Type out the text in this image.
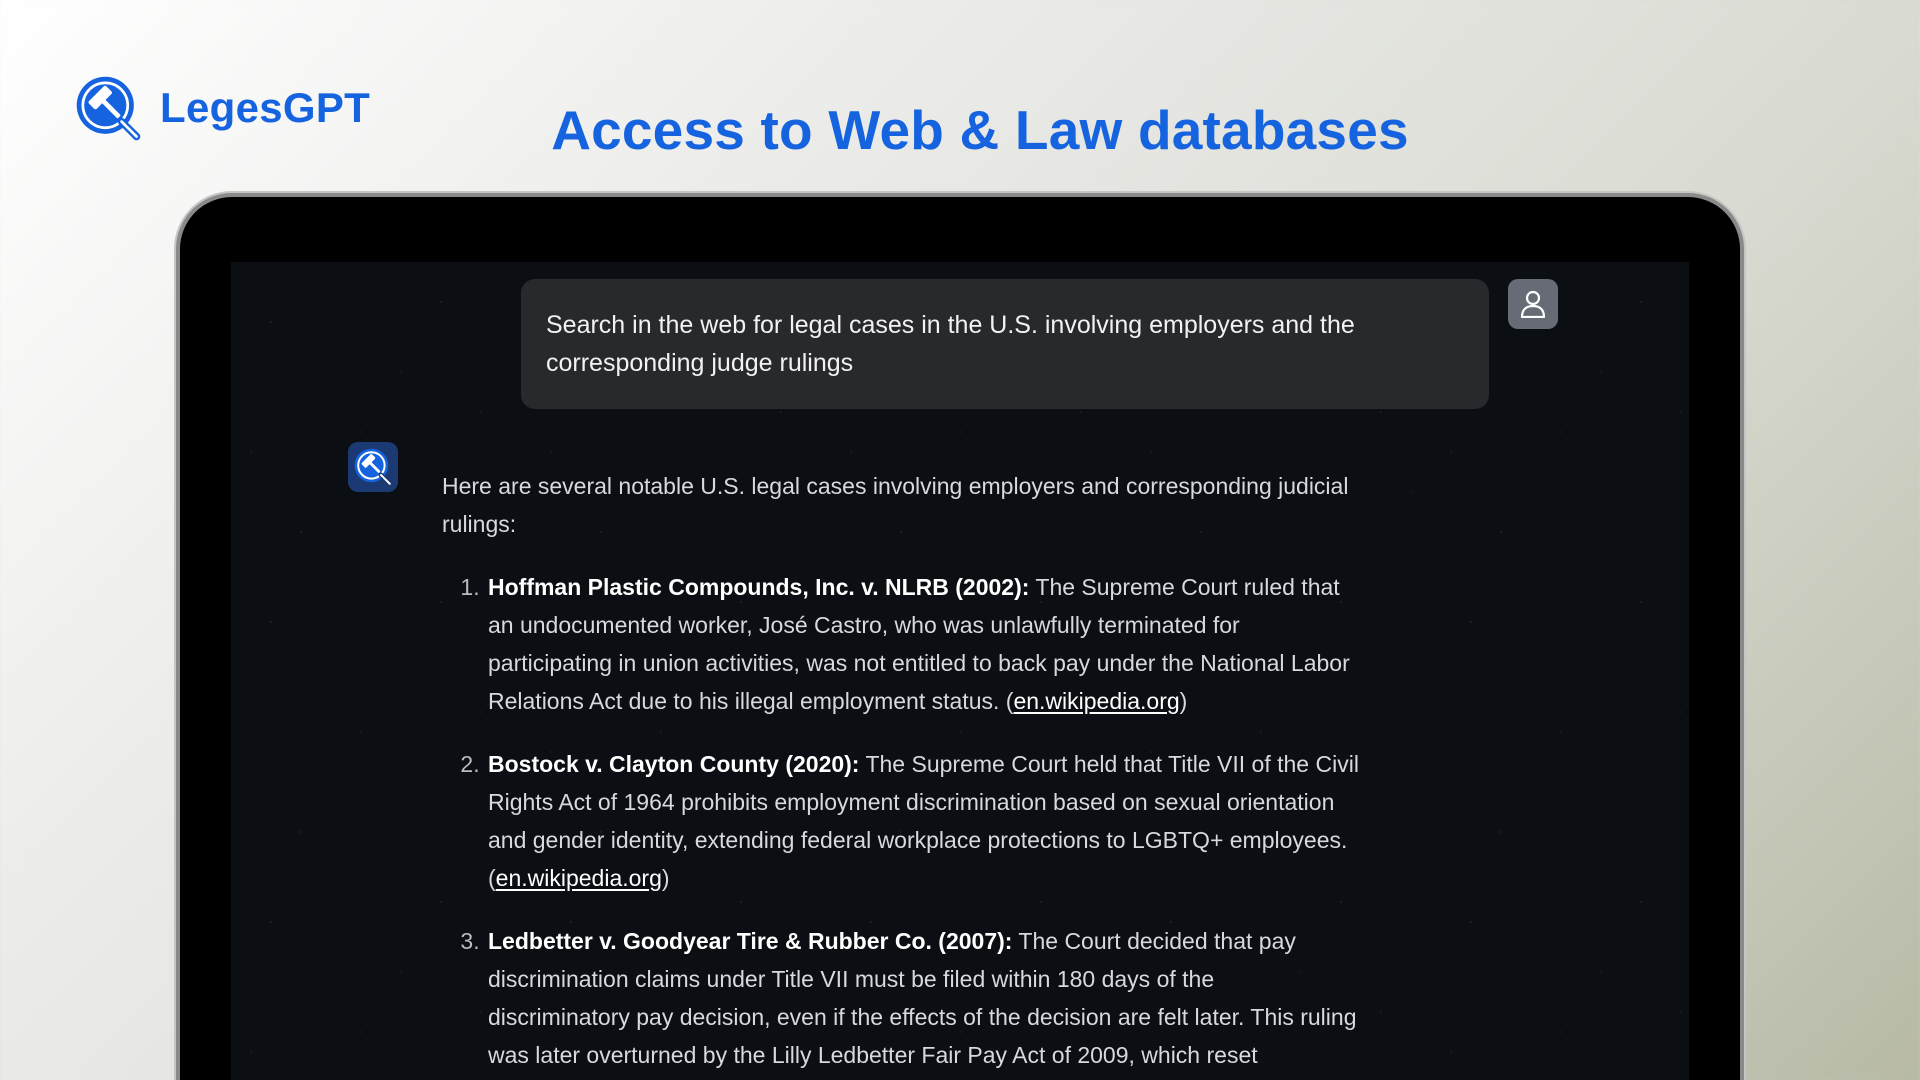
LegesGPT	Access to Web & Law databases
Search in the web for legal cases in the U.S. involving employers and the corresponding judge rulings

Here are several notable U.S. legal cases involving employers and corresponding judicial rulings:

1. Hoffman Plastic Compounds, Inc. v. NLRB (2002): The Supreme Court ruled that an undocumented worker, José Castro, who was unlawfully terminated for participating in union activities, was not entitled to back pay under the National Labor Relations Act due to his illegal employment status. (en.wikipedia.org)
2. Bostock v. Clayton County (2020): The Supreme Court held that Title VII of the Civil Rights Act of 1964 prohibits employment discrimination based on sexual orientation and gender identity, extending federal workplace protections to LGBTQ+ employees. (en.wikipedia.org)
3. Ledbetter v. Goodyear Tire & Rubber Co. (2007): The Court decided that pay discrimination claims under Title VII must be filed within 180 days of the discriminatory pay decision, even if the effects of the decision are felt later. This ruling was later overturned by the Lilly Ledbetter Fair Pay Act of 2009, which reset
